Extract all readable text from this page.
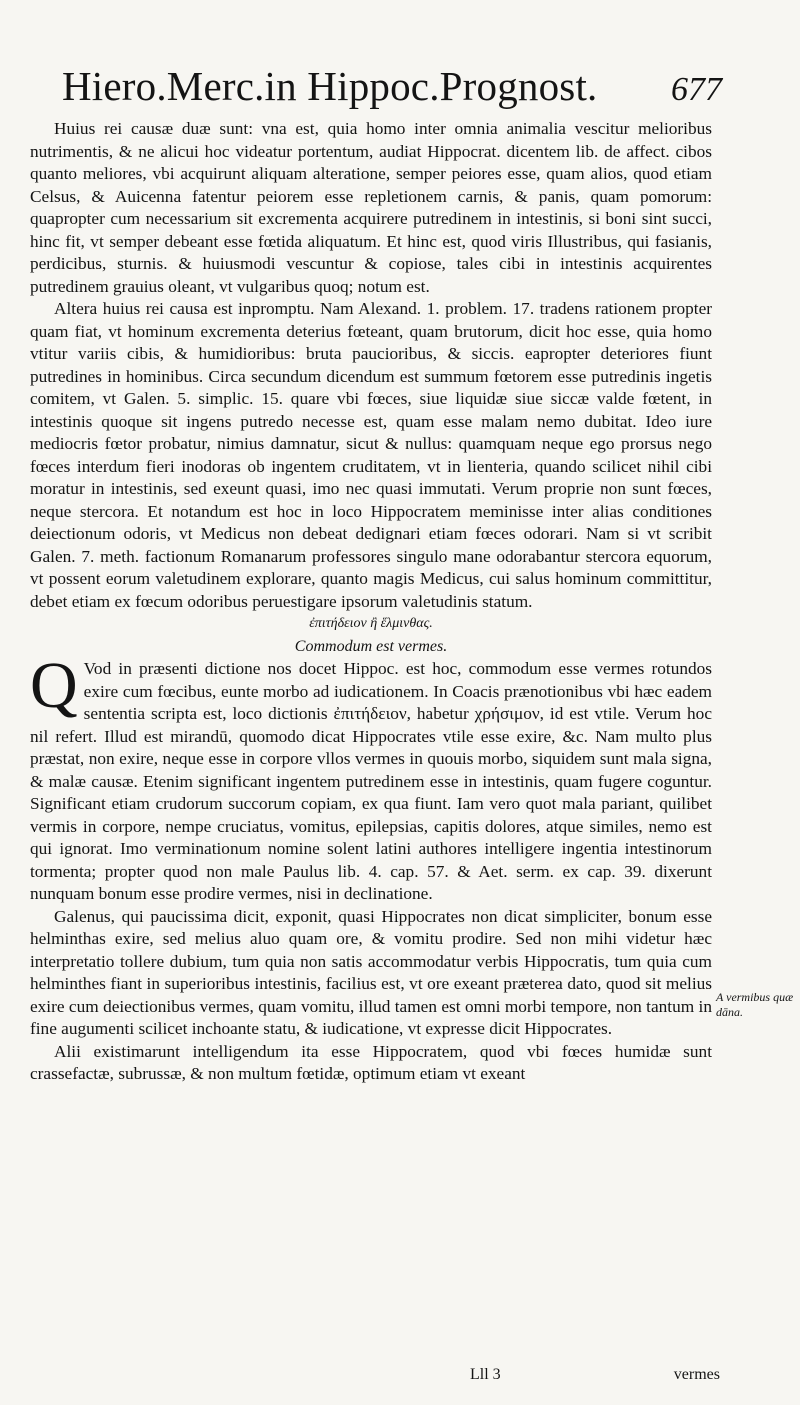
Hiero.Merc.in Hippoc.Prognost. 677

Huius rei causæ duæ sunt: vna est, quia homo inter omnia animalia vescitur melioribus nutrimentis, & ne alicui hoc videatur portentum, audiat Hippocrat. dicentem lib. de affect. cibos quanto meliores, vbi acquirunt aliquam alteratione, semper peiores esse, quam alios, quod etiam Celsus, & Auicenna fatentur peiorem esse repletionem carnis, & panis, quam pomorum: quapropter cum necessarium sit excrementa acquirere putredinem in intestinis, si boni sint succi, hinc fit, vt semper debeant esse fœtida aliquatum. Et hinc est, quod viris Illustribus, qui fasianis, perdicibus, sturnis. & huiusmodi vescuntur & copiose, tales cibi in intestinis acquirentes putredinem grauius oleant, vt vulgaribus quoq; notum est.

Altera huius rei causa est inpromptu. Nam Alexand. 1. problem. 17. tradens rationem propter quam fiat, vt hominum excrementa deterius fœteant, quam brutorum, dicit hoc esse, quia homo vtitur variis cibis, & humidioribus: bruta paucioribus, & siccis. eapropter deteriores fiunt putredines in hominibus. Circa secundum dicendum est summum fœtorem esse putredinis ingetis comitem, vt Galen. 5. simplic. 15. quare vbi fœces, siue liquidæ siue siccæ valde fœtent, in intestinis quoque sit ingens putredo necesse est, quam esse malam nemo dubitat. Ideo iure mediocris fœtor probatur, nimius damnatur, sicut & nullus: quamquam neque ego prorsus nego fœces interdum fieri inodoras ob ingentem cruditatem, vt in lienteria, quando scilicet nihil cibi moratur in intestinis, sed exeunt quasi, imo nec quasi immutati. Verum proprie non sunt fœces, neque stercora. Et notandum est hoc in loco Hippocratem meminisse inter alias conditiones deiectionum odoris, vt Medicus non debeat dedignari etiam fœces odorari. Nam si vt scribit Galen. 7. meth. factionum Romanarum professores singulo mane odorabantur stercora equorum, vt possent eorum valetudinem explorare, quanto magis Medicus, cui salus hominum committitur, debet etiam ex fœcum odoribus peruestigare ipsorum valetudinis statum.

ἐπιτήδειον ἢ ἕλμινθας.

Commodum est vermes.

Q Vod in præsenti dictione nos docet Hippoc. est hoc, commodum esse vermes rotundos exire cum fœcibus, eunte morbo ad iudicationem. In Coacis prænotionibus vbi hæc eadem sententia scripta est, loco dictionis ἐπιτήδειον, habetur χρήσιμον, id est vtile. Verum hoc nil refert. Illud est mirandū, quomodo dicat Hippocrates vtile esse exire, &c. Nam multo plus præstat, non exire, neque esse in corpore vllos vermes in quouis morbo, siquidem sunt mala signa, & malæ causæ. Etenim significant ingentem putredinem esse in intestinis, quam fugere coguntur. Significant etiam crudorum succorum copiam, ex qua fiunt. Iam vero quot mala pariant, quilibet vermis in corpore, nempe cruciatus, vomitus, epilepsias, capitis dolores, atque similes, nemo est qui ignorat. Imo verminationum nomine solent latini authores intelligere ingentia intestinorum tormenta; propter quod non male Paulus lib. 4. cap. 57. & Aet. serm. ex cap. 39. dixerunt nunquam bonum esse prodire vermes, nisi in declinatione.

Galenus, qui paucissima dicit, exponit, quasi Hippocrates non dicat simpliciter, bonum esse helminthas exire, sed melius aluo quam ore, & vomitu prodire. Sed non mihi videtur hæc interpretatio tollere dubium, tum quia non satis accommodatur verbis Hippocratis, tum quia cum helminthes fiant in superioribus intestinis, facilius est, vt ore exeant præterea dato, quod sit melius exire cum deiectionibus vermes, quam vomitu, illud tamen est omni morbi tempore, non tantum in fine augumenti scilicet inchoante statu, & iudicatione, vt expresse dicit Hippocrates.

Alii existimarunt intelligendum ita esse Hippocratem, quod vbi fœces humidæ sunt crassefactæ, subrussæ, & non multum fœtidæ, optimum etiam vt exeant

A vermibus quæ dāna.
Lll 3	vermes
